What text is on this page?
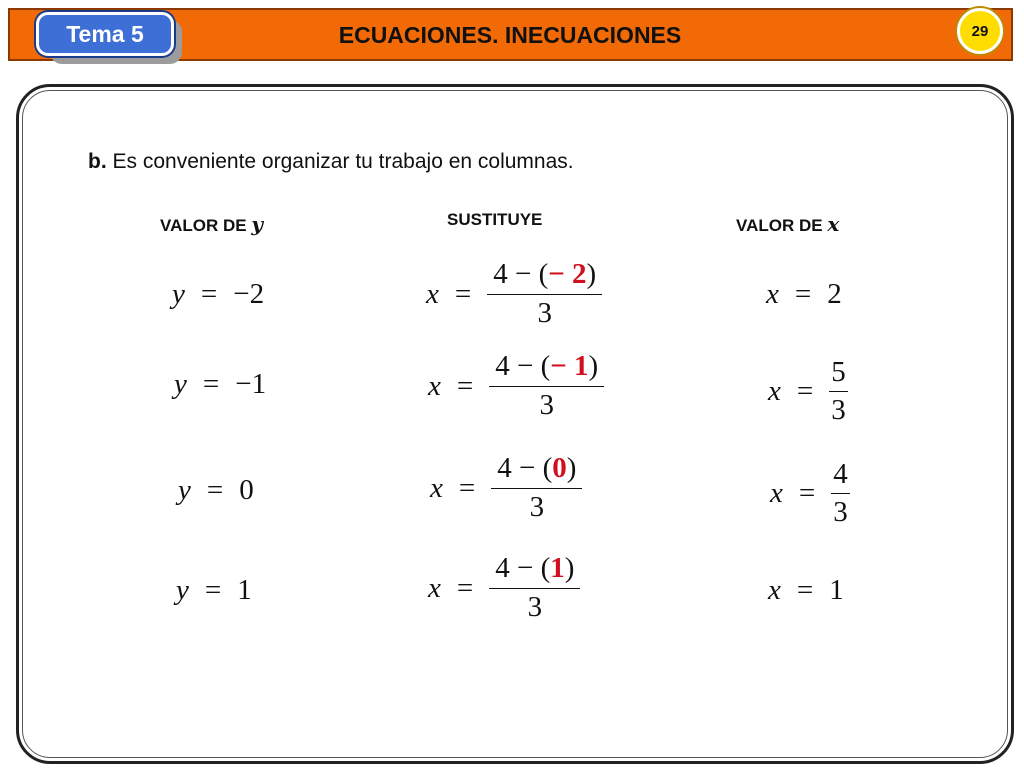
Tema 5	ECUACIONES. INECUACIONES	29
b. Es conveniente organizar tu trabajo en columnas.
VALOR DE y	SUSTITUYE	VALOR DE x
y = −2	$x = \frac{4 - (- 2)}{3}$	x = 2
y = −1	$x = \frac{4 - (- 1)}{3}$	$x = \frac{5}{3}$
y = 0	$x = \frac{4 - (0)}{3}$	$x = \frac{4}{3}$
y = 1	$x = \frac{4 - (1)}{3}$	x = 1
